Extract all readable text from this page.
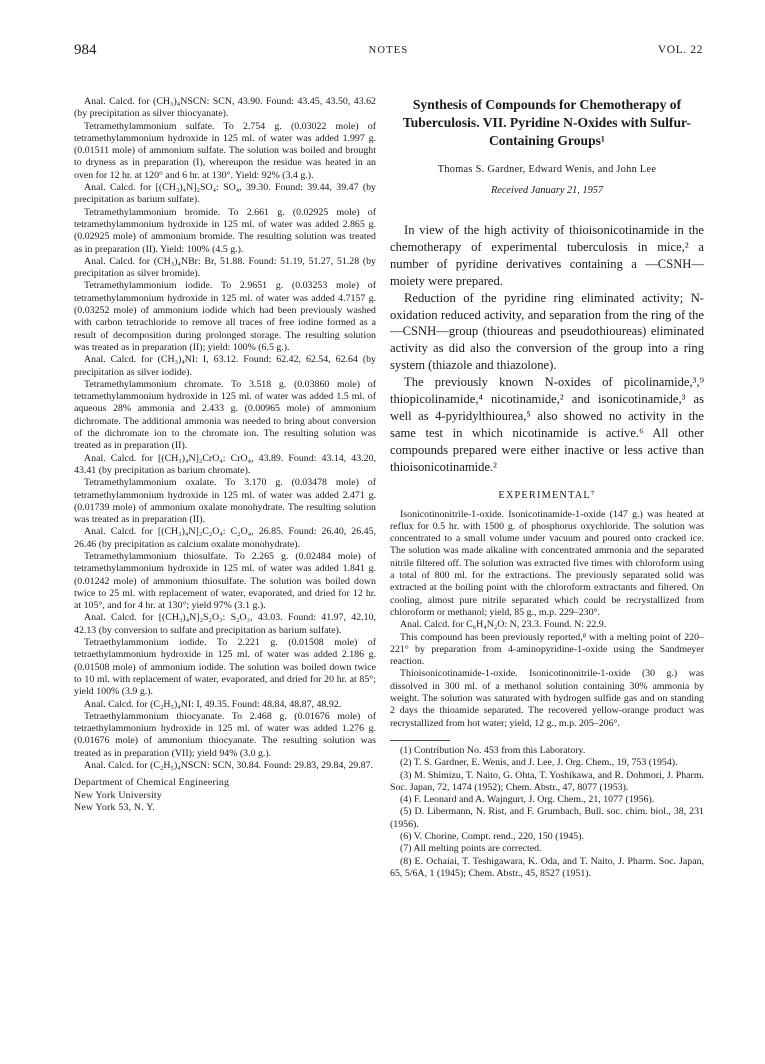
984	NOTES	VOL. 22

Anal. Calcd. for (CH₃)₄NSCN: SCN, 43.90. Found: 43.45, 43.50, 43.62 (by precipitation as silver thiocyanate).

Tetramethylammonium sulfate. To 2.754 g. (0.03022 mole) of tetramethylammonium hydroxide in 125 ml. of water was added 1.997 g. (0.01511 mole) of ammonium sulfate. The solution was boiled and brought to dryness as in preparation (I), whereupon the residue was heated in an oven for 12 hr. at 120° and 6 hr. at 130°. Yield: 92% (3.4 g.).

Anal. Calcd. for [(CH₃)₄N]₂SO₄: SO₄, 39.30. Found: 39.44, 39.47 (by precipitation as barium sulfate).

Tetramethylammonium bromide. To 2.661 g. (0.02925 mole) of tetramethylammonium hydroxide in 125 ml. of water was added 2.865 g. (0.02925 mole) of ammonium bromide. The resulting solution was treated as in preparation (II). Yield: 100% (4.5 g.).

Anal. Calcd. for (CH₃)₄NBr: Br, 51.88. Found: 51.19, 51.27, 51.28 (by precipitation as silver bromide).

Tetramethylammonium iodide. To 2.9651 g. (0.03253 mole) of tetramethylammonium hydroxide in 125 ml. of water was added 4.7157 g. (0.03252 mole) of ammonium iodide which had been previously washed with carbon tetrachloride to remove all traces of free iodine formed as a result of decomposition during prolonged storage. The resulting solution was treated as in preparation (II); yield: 100% (6.5 g.).

Anal. Calcd. for (CH₃)₄NI: I, 63.12. Found: 62.42, 62.54, 62.64 (by precipitation as silver iodide).

Tetramethylammonium chromate. To 3.518 g. (0.03860 mole) of tetramethylammonium hydroxide in 125 ml. of water was added 1.5 ml. of aqueous 28% ammonia and 2.433 g. (0.00965 mole) of ammonium dichromate. The additional ammonia was needed to bring about conversion of the dichromate ion to the chromate ion. The resulting solution was treated as in preparation (II).

Anal. Calcd. for [(CH₃)₄N]₂CrO₄: CrO₄, 43.89. Found: 43.14, 43.20, 43.41 (by precipitation as barium chromate).

Tetramethylammonium oxalate. To 3.170 g. (0.03478 mole) of tetramethylammonium hydroxide in 125 ml. of water was added 2.471 g. (0.01739 mole) of ammonium oxalate monohydrate. The resulting solution was treated as in preparation (II).

Anal. Calcd. for [(CH₃)₄N]₂C₂O₄: C₂O₄, 26.85. Found: 26.40, 26.45, 26.46 (by precipitation as calcium oxalate monohydrate).

Tetramethylammonium thiosulfate. To 2.265 g. (0.02484 mole) of tetramethylammonium hydroxide in 125 ml. of water was added 1.841 g. (0.01242 mole) of ammonium thiosulfate. The solution was boiled down twice to 25 ml. with replacement of water, evaporated, and dried for 12 hr. at 105°, and for 4 hr. at 130°; yield 97% (3.1 g.).

Anal. Calcd. for [(CH₃)₄N]₂S₂O₃: S₂O₃, 43.03. Found: 41.97, 42.10, 42.13 (by conversion to sulfate and precipitation as barium sulfate).

Tetraethylammonium iodide. To 2.221 g. (0.01508 mole) of tetraethylammonium hydroxide in 125 ml. of water was added 2.186 g. (0.01508 mole) of ammonium iodide. The solution was boiled down twice to 10 ml. with replacement of water, evaporated, and dried for 20 hr. at 85°; yield 100% (3.9 g.).

Anal. Calcd. for (C₂H₅)₄NI: I, 49.35. Found: 48.84, 48.87, 48.92.

Tetraethylammonium thiocyanate. To 2.468 g. (0.01676 mole) of tetraethylammonium hydroxide in 125 ml. of water was added 1.276 g. (0.01676 mole) of ammonium thiocyanate. The resulting solution was treated as in preparation (VII); yield 94% (3.0 g.).

Anal. Calcd. for (C₂H₅)₄NSCN: SCN, 30.84. Found: 29.83, 29.84, 29.87.

Department of Chemical Engineering
New York University
New York 53, N. Y.
Synthesis of Compounds for Chemotherapy of Tuberculosis. VII. Pyridine N-Oxides with Sulfur-Containing Groups¹
Thomas S. Gardner, Edward Wenis, and John Lee
Received January 21, 1957

In view of the high activity of thioisonicotinamide in the chemotherapy of experimental tuberculosis in mice,² a number of pyridine derivatives containing a —CSNH— moiety were prepared.

Reduction of the pyridine ring eliminated activity; N-oxidation reduced activity, and separation from the ring of the —CSNH—group (thioureas and pseudothioureas) eliminated activity as did also the conversion of the group into a ring system (thiazole and thiazolone).

The previously known N-oxides of picolinamide,³,⁹ thiopicolinamide,⁴ nicotinamide,² and isonicotinamide,³ as well as 4-pyridylthiourea,⁵ also showed no activity in the same test in which nicotinamide is active.⁶ All other compounds prepared were either inactive or less active than thioisonicotinamide.²

EXPERIMENTAL⁷

Isonicotinonitrile-1-oxide. Isonicotinamide-1-oxide (147 g.) was heated at reflux for 0.5 hr. with 1500 g. of phosphorus oxychloride. The solution was concentrated to a small volume under vacuum and poured onto cracked ice. The solution was made alkaline with concentrated ammonia and the separated nitrile filtered off. The solution was extracted five times with chloroform using a total of 800 ml. for the extractions. The previously separated solid was extracted at the boiling point with the chloroform extractants and filtered. On cooling, almost pure nitrile separated which could be recrystallized from chloroform or methanol; yield, 85 g., m.p. 229–230°.

Anal. Calcd. for C₆H₄N₂O: N, 23.3. Found. N: 22.9.

This compound has been previously reported,⁸ with a melting point of 220–221° by preparation from 4-aminopyridine-1-oxide using the Sandmeyer reaction.

Thioisonicotinamide-1-oxide. Isonicotinonitrile-1-oxide (30 g.) was dissolved in 300 ml. of a methanol solution containing 30% ammonia by weight. The solution was saturated with hydrogen sulfide gas and on standing 2 days the thioamide separated. The recovered yellow-orange product was recrystallized from hot water; yield, 12 g., m.p. 205–206°.

(1) Contribution No. 453 from this Laboratory.

(2) T. S. Gardner, E. Wenis, and J. Lee, J. Org. Chem., 19, 753 (1954).

(3) M. Shimizu, T. Naito, G. Ohta, T. Yoshikawa, and R. Dohmori, J. Pharm. Soc. Japan, 72, 1474 (1952); Chem. Abstr., 47, 8077 (1953).

(4) F. Leonard and A. Wajngurt, J. Org. Chem., 21, 1077 (1956).

(5) D. Libermann, N. Rist, and F. Grumbach, Bull. soc. chim. biol., 38, 231 (1956).

(6) V. Chorine, Compt. rend., 220, 150 (1945).

(7) All melting points are corrected.

(8) E. Ochaiai, T. Teshigawara, K. Oda, and T. Naito, J. Pharm. Soc. Japan, 65, 5/6A, 1 (1945); Chem. Abstr., 45, 8527 (1951).
